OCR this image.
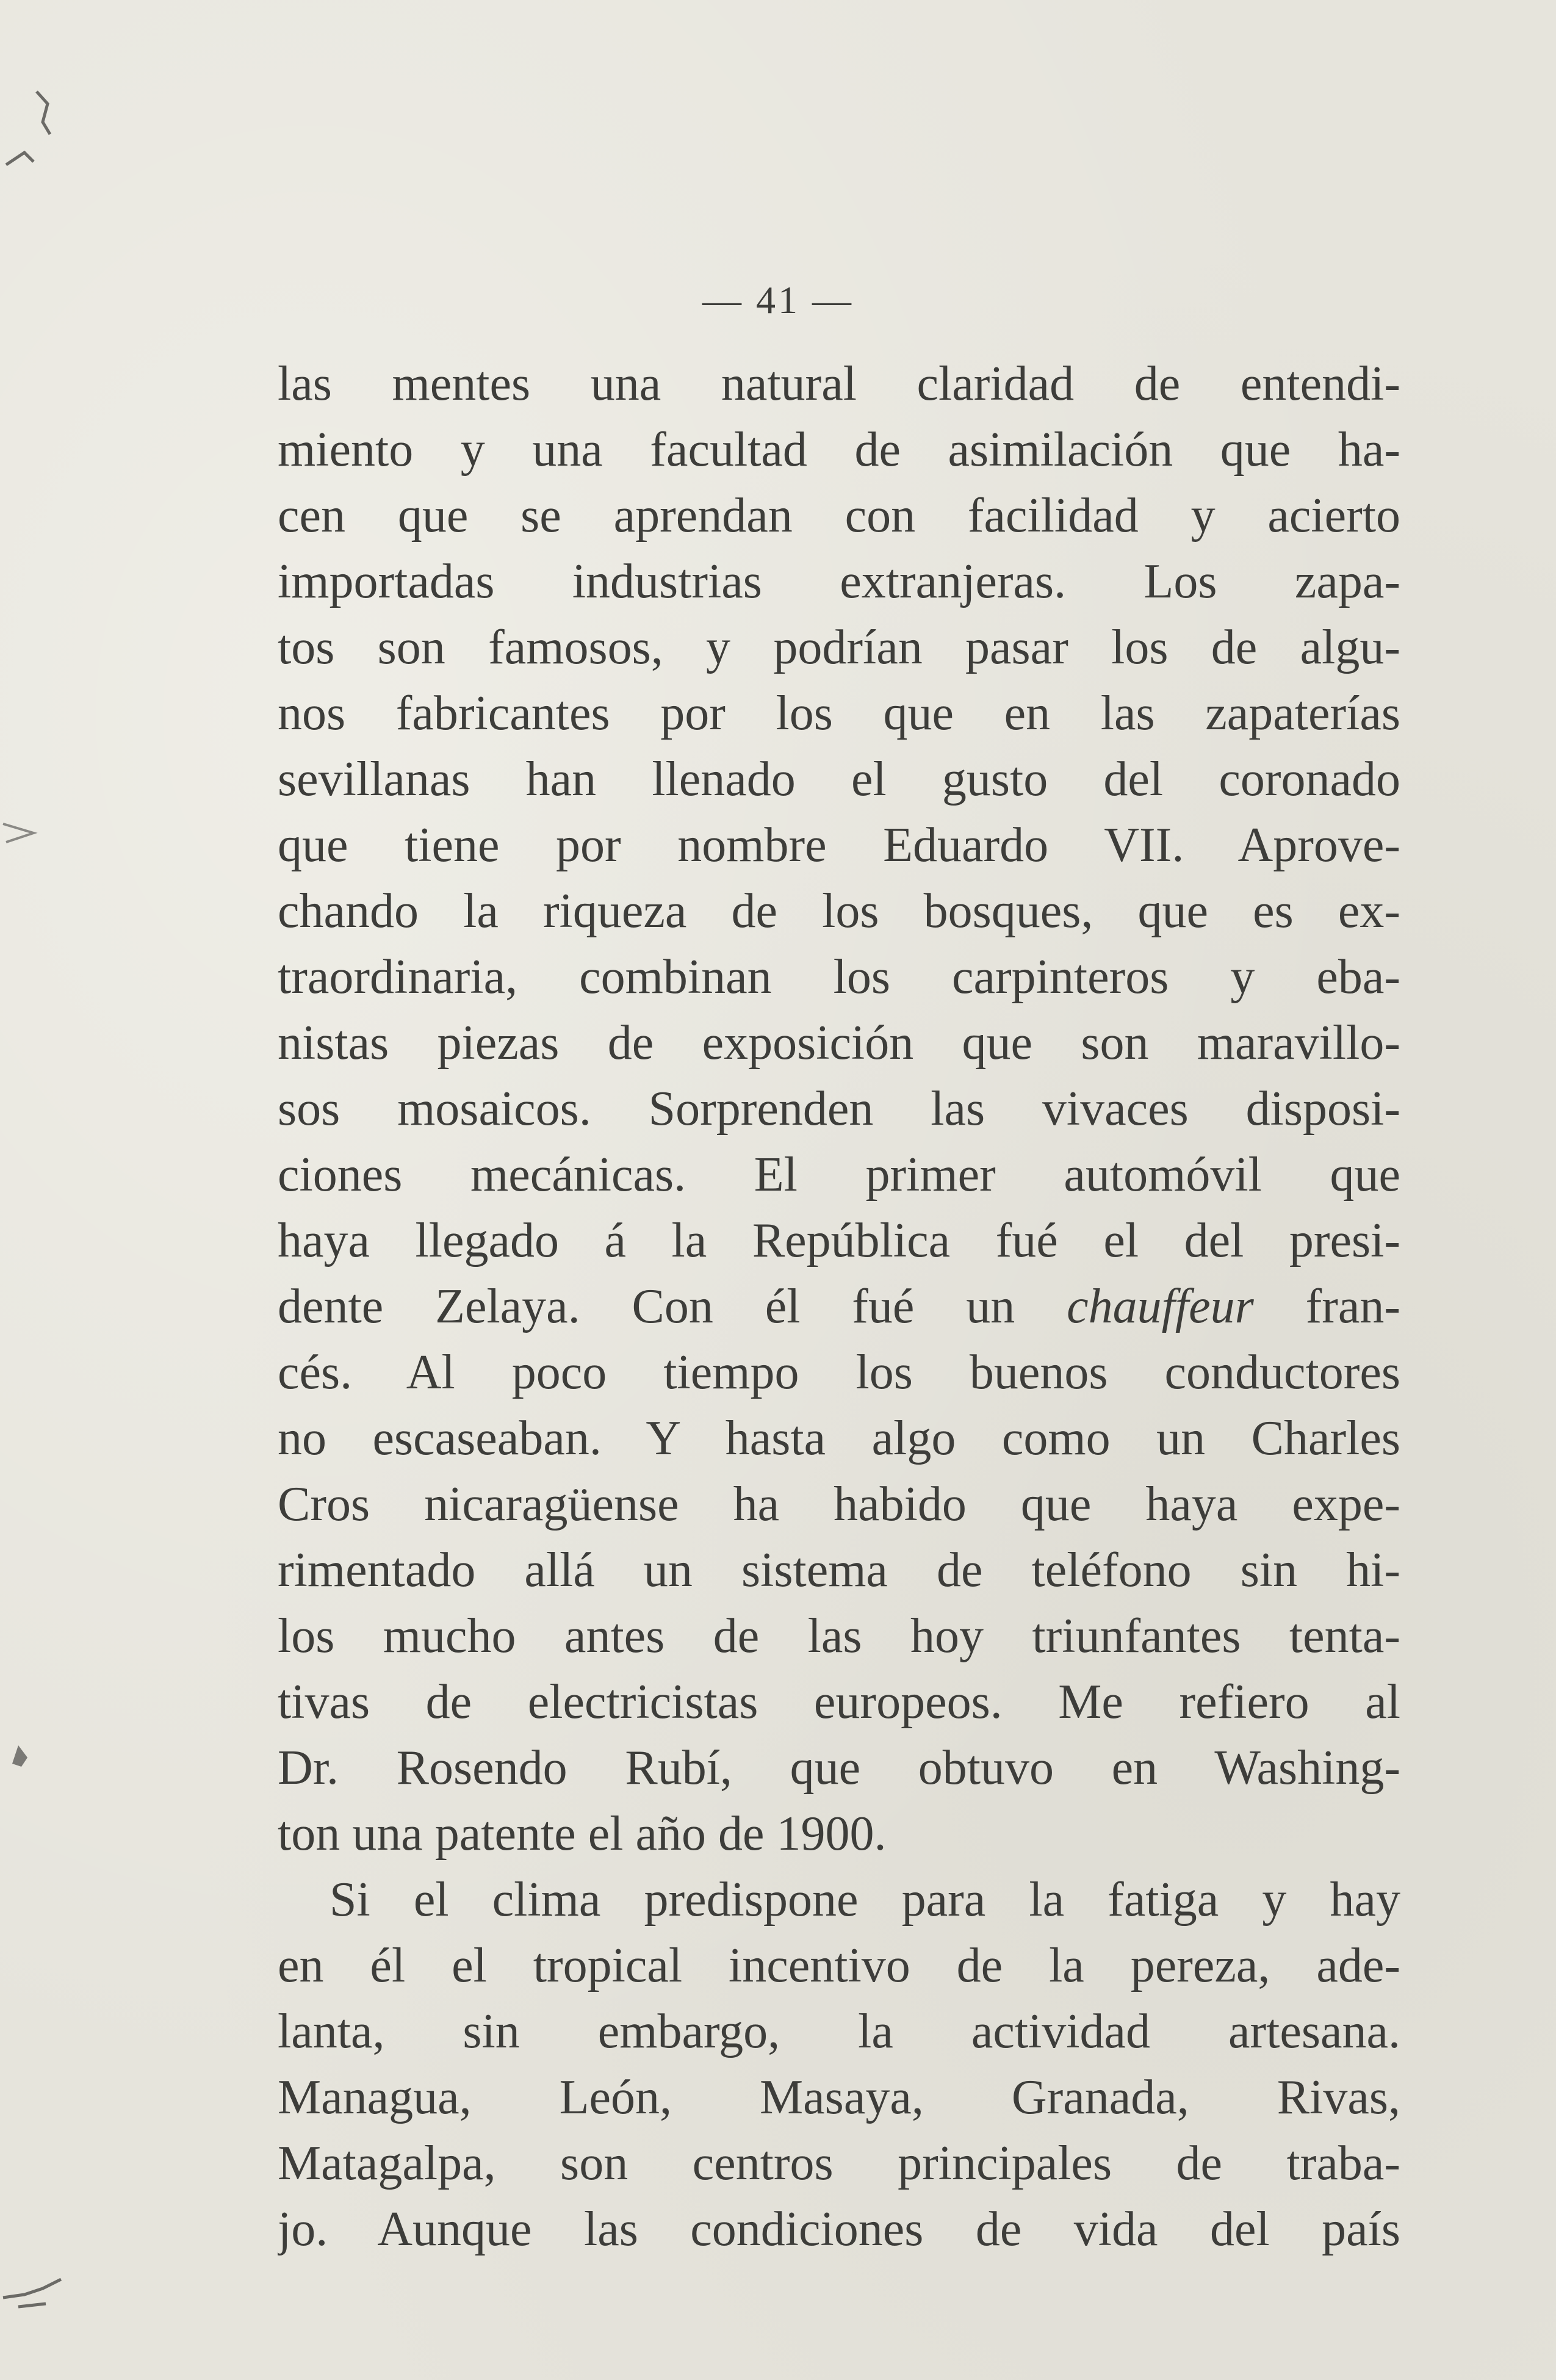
— 41 —
las mentes una natural claridad de entendi-
miento y una facultad de asimilación que ha-
cen que se aprendan con facilidad y acierto
importadas industrias extranjeras. Los zapa-
tos son famosos, y podrían pasar los de algu-
nos fabricantes por los que en las zapaterías
sevillanas han llenado el gusto del coronado
que tiene por nombre Eduardo VII. Aprove-
chando la riqueza de los bosques, que es ex-
traordinaria, combinan los carpinteros y eba-
nistas piezas de exposición que son maravillo-
sos mosaicos. Sorprenden las vivaces disposi-
ciones mecánicas. El primer automóvil que
haya llegado á la República fué el del presi-
dente Zelaya. Con él fué un chauffeur fran-
cés. Al poco tiempo los buenos conductores
no escaseaban. Y hasta algo como un Charles
Cros nicaragüense ha habido que haya expe-
rimentado allá un sistema de teléfono sin hi-
los mucho antes de las hoy triunfantes tenta-
tivas de electricistas europeos. Me refiero al
Dr. Rosendo Rubí, que obtuvo en Washing-
ton una patente el año de 1900.
Si el clima predispone para la fatiga y hay
en él el tropical incentivo de la pereza, ade-
lanta, sin embargo, la actividad artesana.
Managua, León, Masaya, Granada, Rivas,
Matagalpa, son centros principales de traba-
jo. Aunque las condiciones de vida del país
